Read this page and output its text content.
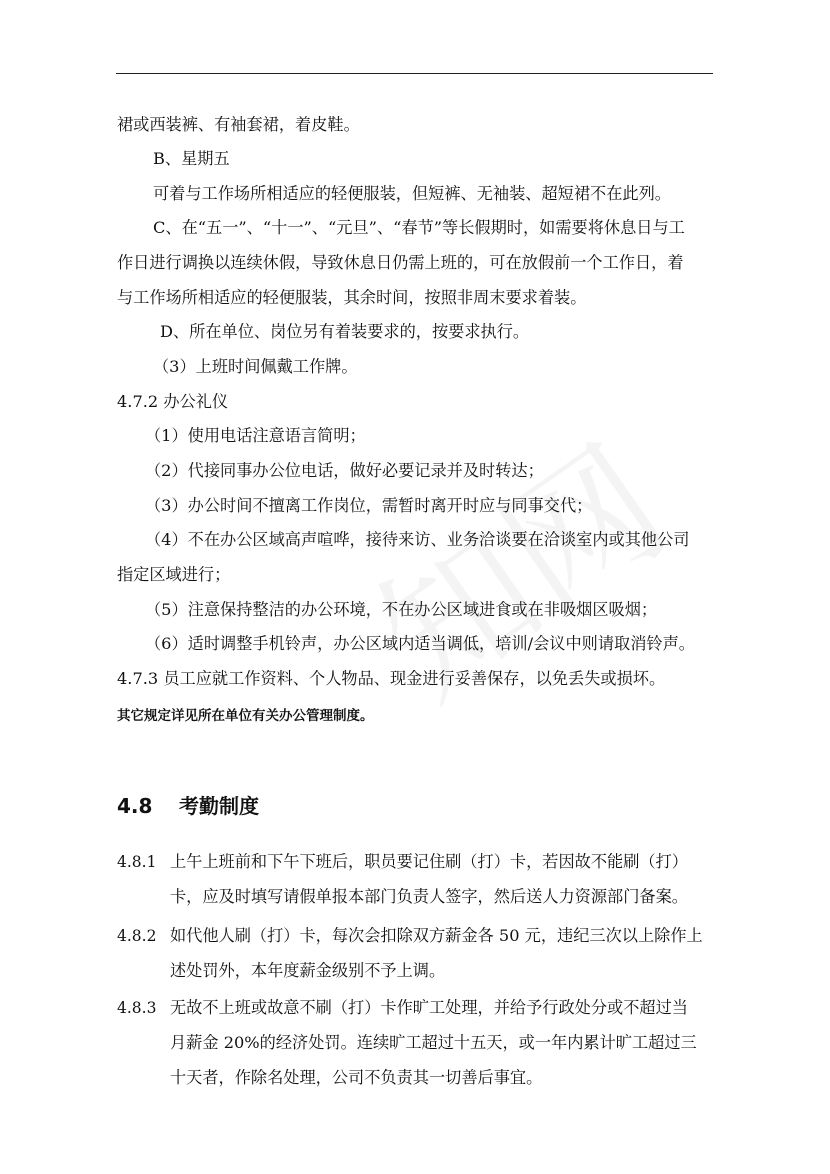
裙或西装裤、有袖套裙，着皮鞋。
B、星期五
可着与工作场所相适应的轻便服装，但短裤、无袖装、超短裙不在此列。
C、在“五一”、“十一”、“元旦”、“春节”等长假期时，如需要将休息日与工
作日进行调换以连续休假，导致休息日仍需上班的，可在放假前一个工作日，着
与工作场所相适应的轻便服装，其余时间，按照非周末要求着装。
D、所在单位、岗位另有着装要求的，按要求执行。
（3）上班时间佩戴工作牌。
4.7.2 办公礼仪
（1）使用电话注意语言简明；
（2）代接同事办公位电话，做好必要记录并及时转达；
（3）办公时间不擅离工作岗位，需暂时离开时应与同事交代；
（4）不在办公区域高声喧哗，接待来访、业务洽谈要在洽谈室内或其他公司
指定区域进行；
（5）注意保持整洁的办公环境，不在办公区域进食或在非吸烟区吸烟；
（6）适时调整手机铃声，办公区域内适当调低，培训/会议中则请取消铃声。
4.7.3 员工应就工作资料、个人物品、现金进行妥善保存，以免丢失或损坏。
其它规定详见所在单位有关办公管理制度。
4.8 考勤制度
4.8.1 上午上班前和下午下班后，职员要记住刷（打）卡，若因故不能刷（打）
卡，应及时填写请假单报本部门负责人签字，然后送人力资源部门备案。
4.8.2 如代他人刷（打）卡，每次会扣除双方薪金各 50 元，违纪三次以上除作上
述处罚外，本年度薪金级别不予上调。
4.8.3 无故不上班或故意不刷（打）卡作旷工处理，并给予行政处分或不超过当
月薪金 20%的经济处罚。连续旷工超过十五天，或一年内累计旷工超过三
十天者，作除名处理，公司不负责其一切善后事宜。
